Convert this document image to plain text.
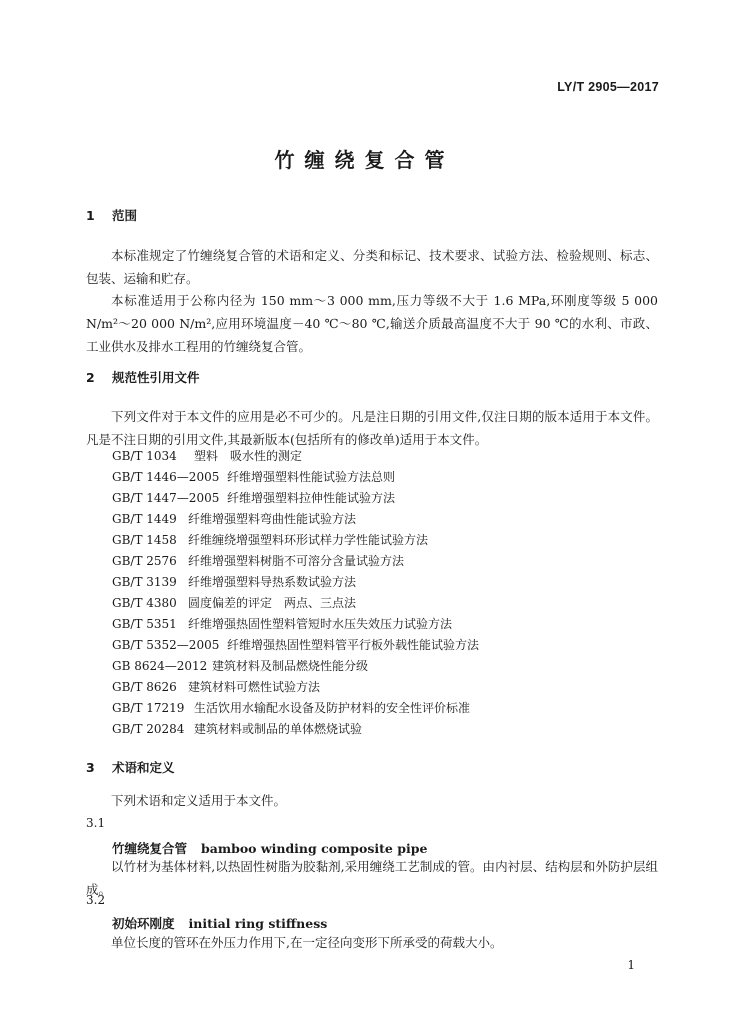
LY/T 2905—2017
竹缠绕复合管
1 范围
本标准规定了竹缠绕复合管的术语和定义、分类和标记、技术要求、试验方法、检验规则、标志、包装、运输和贮存。
本标准适用于公称内径为 150 mm～3 000 mm,压力等级不大于 1.6 MPa,环刚度等级 5 000 N/m²～20 000 N/m²,应用环境温度－40 ℃～80 ℃,输送介质最高温度不大于 90 ℃的水利、市政、工业供水及排水工程用的竹缠绕复合管。
2 规范性引用文件
下列文件对于本文件的应用是必不可少的。凡是注日期的引用文件,仅注日期的版本适用于本文件。凡是不注日期的引用文件,其最新版本(包括所有的修改单)适用于本文件。
GB/T 1034 塑料　吸水性的测定
GB/T 1446—2005 纤维增强塑料性能试验方法总则
GB/T 1447—2005 纤维增强塑料拉伸性能试验方法
GB/T 1449 纤维增强塑料弯曲性能试验方法
GB/T 1458 纤维缠绕增强塑料环形试样力学性能试验方法
GB/T 2576 纤维增强塑料树脂不可溶分含量试验方法
GB/T 3139 纤维增强塑料导热系数试验方法
GB/T 4380 圆度偏差的评定　两点、三点法
GB/T 5351 纤维增强热固性塑料管短时水压失效压力试验方法
GB/T 5352—2005 纤维增强热固性塑料管平行板外载性能试验方法
GB 8624—2012 建筑材料及制品燃烧性能分级
GB/T 8626 建筑材料可燃性试验方法
GB/T 17219 生活饮用水输配水设备及防护材料的安全性评价标准
GB/T 20284 建筑材料或制品的单体燃烧试验
3 术语和定义
下列术语和定义适用于本文件。
3.1
竹缠绕复合管 bamboo winding composite pipe
以竹材为基体材料,以热固性树脂为胶黏剂,采用缠绕工艺制成的管。由内衬层、结构层和外防护层组成。
3.2
初始环刚度 initial ring stiffness
单位长度的管环在外压力作用下,在一定径向变形下所承受的荷载大小。
1
